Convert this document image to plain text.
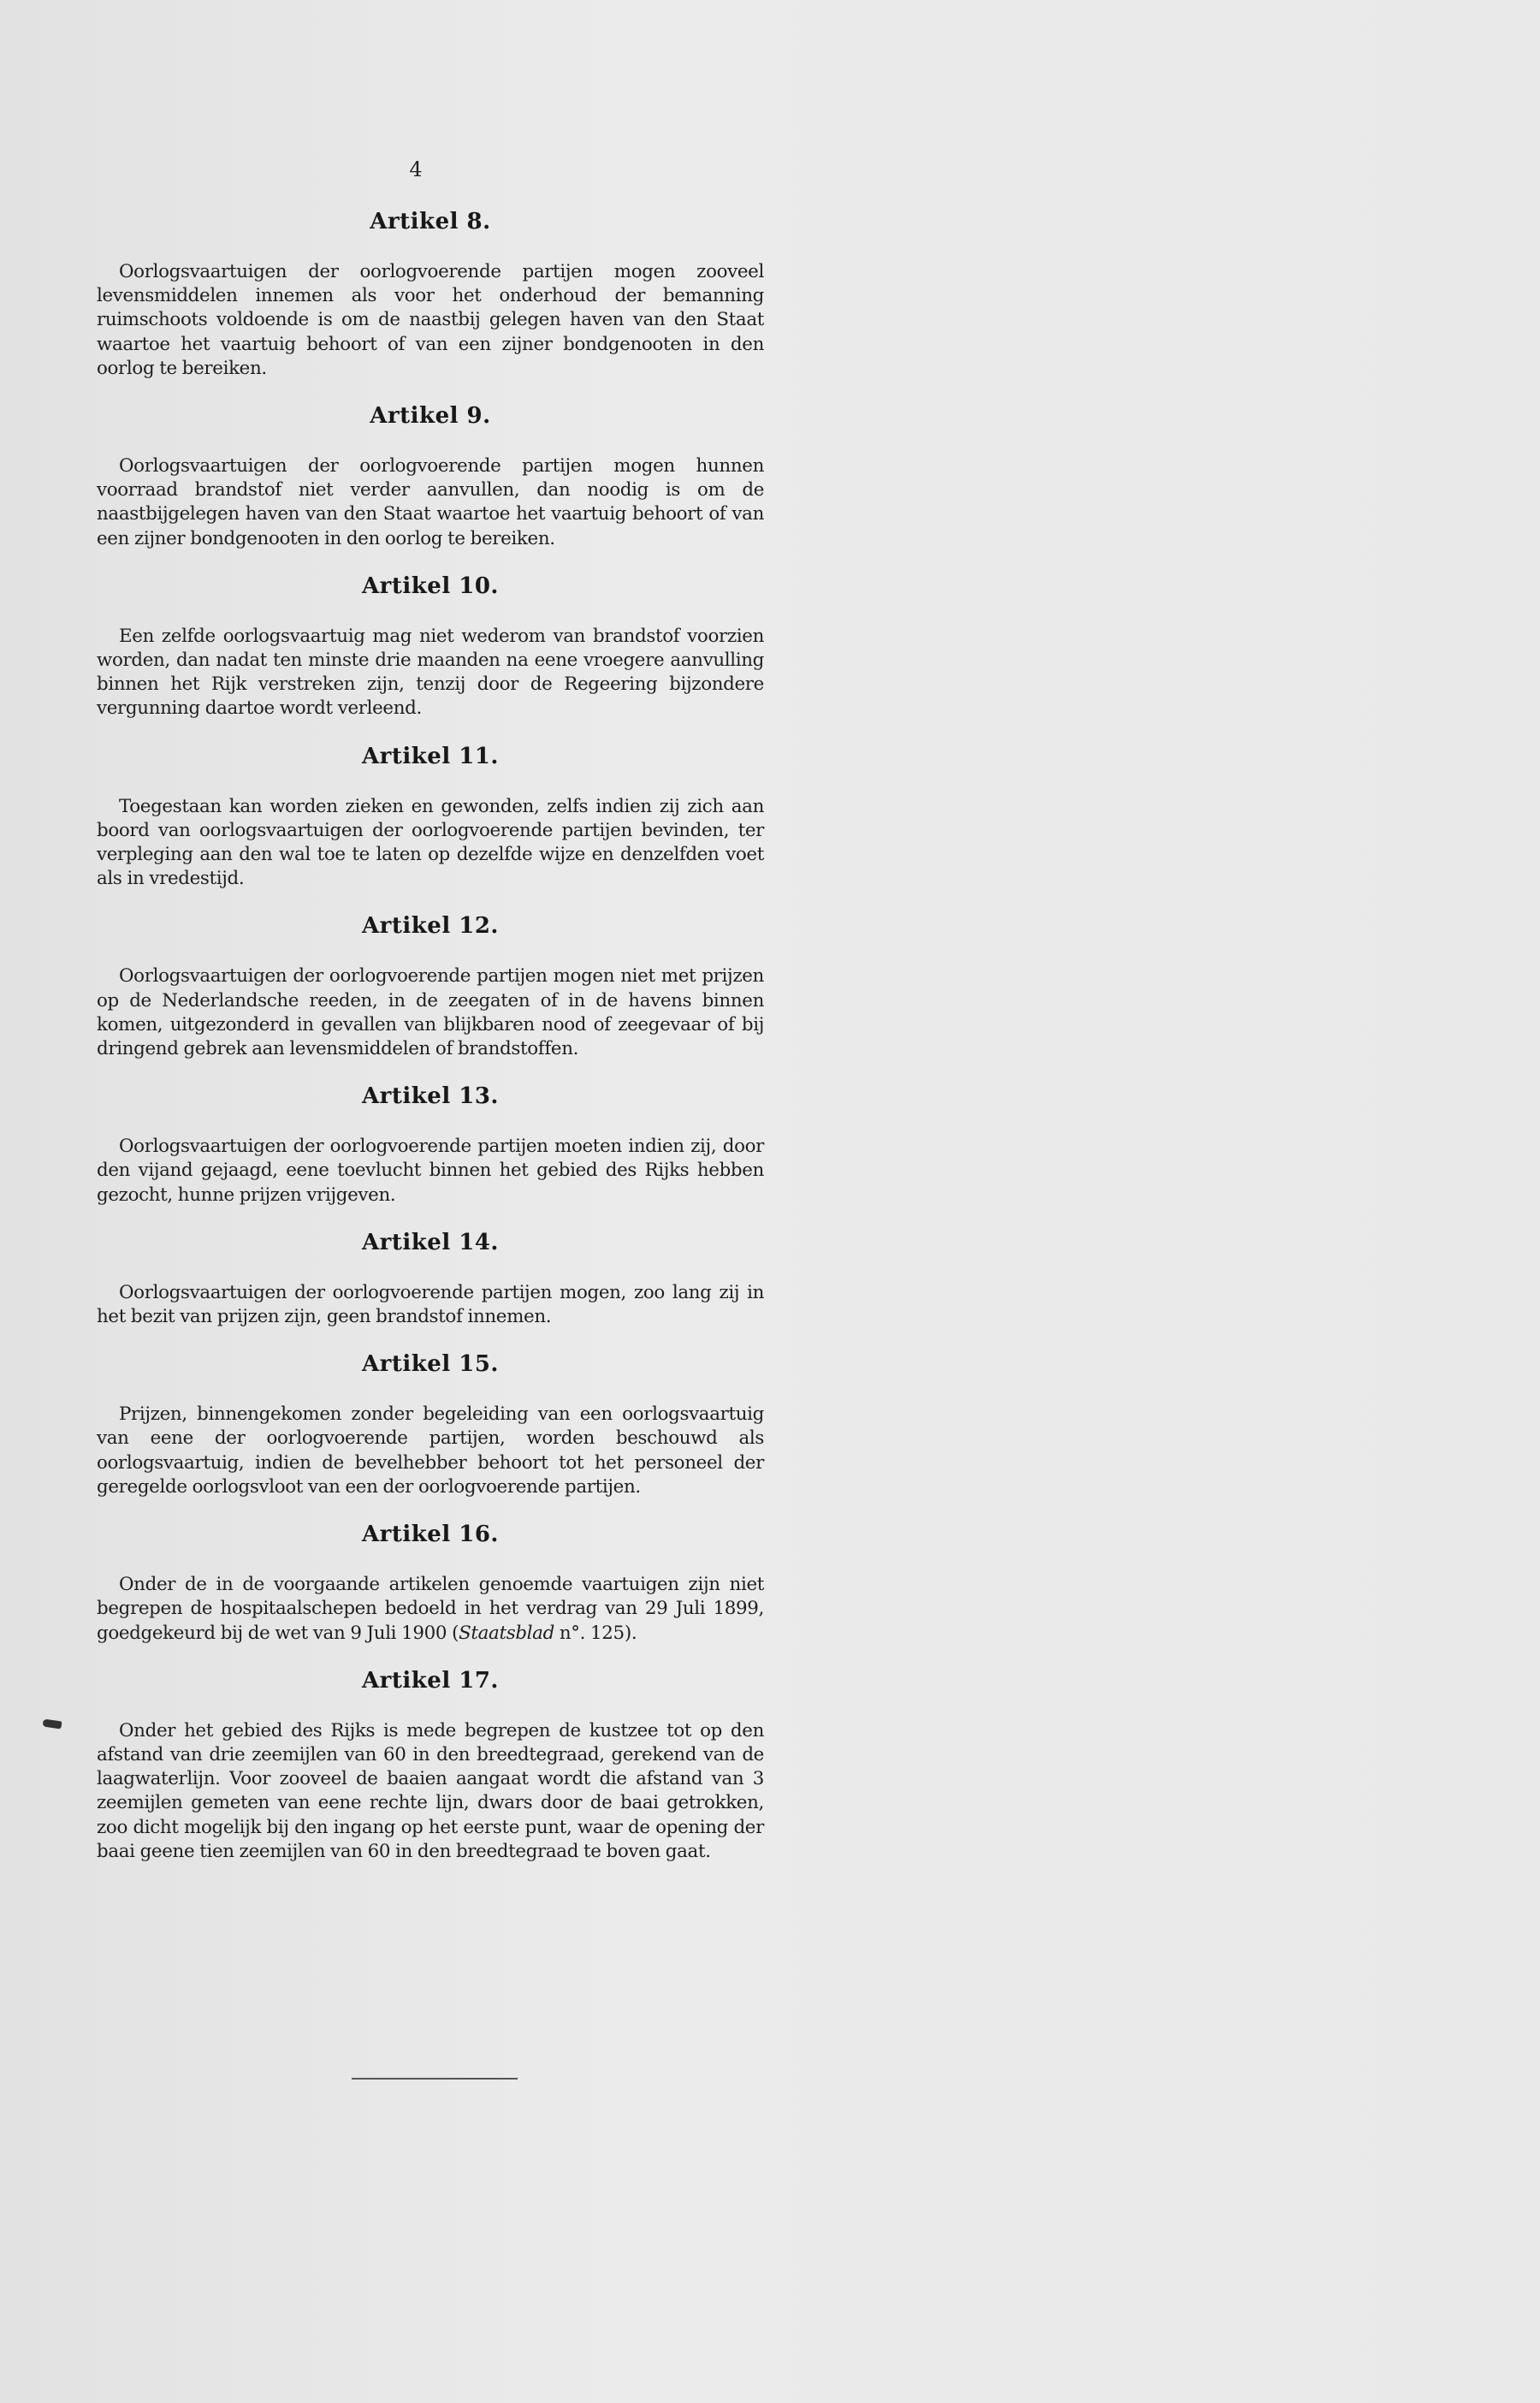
4
Artikel 8.

Oorlogsvaartuigen der oorlogvoerende partijen mogen zooveel levensmiddelen innemen als voor het onderhoud der bemanning ruimschoots voldoende is om de naastbij gelegen haven van den Staat waartoe het vaartuig behoort of van een zijner bondgenooten in den oorlog te bereiken.

Artikel 9.

Oorlogsvaartuigen der oorlogvoerende partijen mogen hunnen voorraad brandstof niet verder aanvullen, dan noodig is om de naastbijgelegen haven van den Staat waartoe het vaartuig behoort of van een zijner bondgenooten in den oorlog te bereiken.

Artikel 10.

Een zelfde oorlogsvaartuig mag niet wederom van brandstof voorzien worden, dan nadat ten minste drie maanden na eene vroegere aanvulling binnen het Rijk verstreken zijn, tenzij door de Regeering bijzondere vergunning daartoe wordt verleend.

Artikel 11.

Toegestaan kan worden zieken en gewonden, zelfs indien zij zich aan boord van oorlogsvaartuigen der oorlogvoerende partijen bevinden, ter verpleging aan den wal toe te laten op dezelfde wijze en denzelfden voet als in vredestijd.

Artikel 12.

Oorlogsvaartuigen der oorlogvoerende partijen mogen niet met prijzen op de Nederlandsche reeden, in de zeegaten of in de havens binnen komen, uitgezonderd in gevallen van blijkbaren nood of zeegevaar of bij dringend gebrek aan levensmiddelen of brandstoffen.

Artikel 13.

Oorlogsvaartuigen der oorlogvoerende partijen moeten indien zij, door den vijand gejaagd, eene toevlucht binnen het gebied des Rijks hebben gezocht, hunne prijzen vrijgeven.

Artikel 14.

Oorlogsvaartuigen der oorlogvoerende partijen mogen, zoo lang zij in het bezit van prijzen zijn, geen brandstof innemen.

Artikel 15.

Prijzen, binnengekomen zonder begeleiding van een oorlogsvaartuig van eene der oorlogvoerende partijen, worden beschouwd als oorlogsvaartuig, indien de bevelhebber behoort tot het personeel der geregelde oorlogsvloot van een der oorlogvoerende partijen.

Artikel 16.

Onder de in de voorgaande artikelen genoemde vaartuigen zijn niet begrepen de hospitaalschepen bedoeld in het verdrag van 29 Juli 1899, goedgekeurd bij de wet van 9 Juli 1900 (Staatsblad n°. 125).

Artikel 17.

Onder het gebied des Rijks is mede begrepen de kustzee tot op den afstand van drie zeemijlen van 60 in den breedtegraad, gerekend van de laagwaterlijn. Voor zooveel de baaien aangaat wordt die afstand van 3 zeemijlen gemeten van eene rechte lijn, dwars door de baai getrokken, zoo dicht mogelijk bij den ingang op het eerste punt, waar de opening der baai geene tien zeemijlen van 60 in den breedtegraad te boven gaat.
